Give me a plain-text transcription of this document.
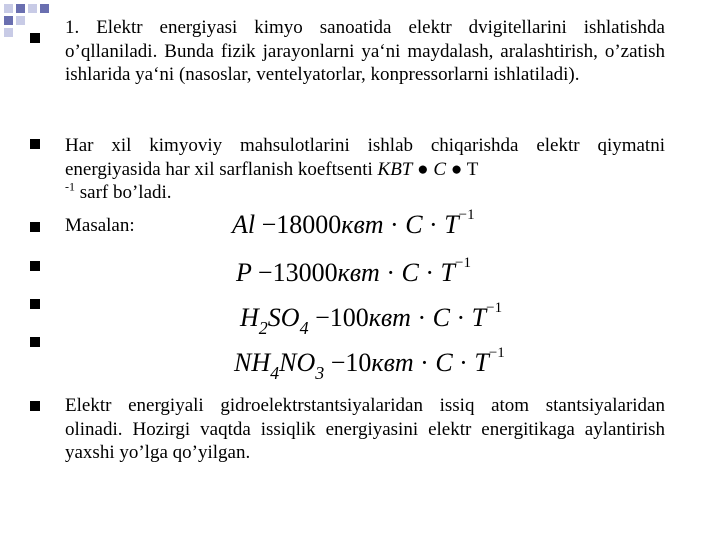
1. Elektr energiyasi kimyo sanoatida elektr dvigitellarini ishlatishda o’qllaniladi. Bunda fizik jarayonlarni ya‘ni maydalash, aralashtirish, o’zatish ishlarida ya‘ni (nasoslar, ventelyatorlar, konpressorlarni ishlatiladi).
Har xil kimyoviy mahsulotlarini ishlab chiqarishda elektr qiymatni energiyasida har xil sarflanish koeftsenti KBT ● C ● T
$^{-1}$ sarf bo’ladi.
Masalan:	$Al -18000квт \cdot C \cdot T^{-1}$
$P -13000квт \cdot C \cdot T^{-1}$
$H_2SO_4 -100квт \cdot C \cdot T^{-1}$
$NH_4NO_3 -10квт \cdot C \cdot T^{-1}$
Elektr energiyali gidroelektrstantsiyalaridan issiq atom stantsiyalaridan olinadi. Hozirgi vaqtda issiqlik energiyasini elektr energitikaga aylantirish yaxshi yo’lga qo’yilgan.
